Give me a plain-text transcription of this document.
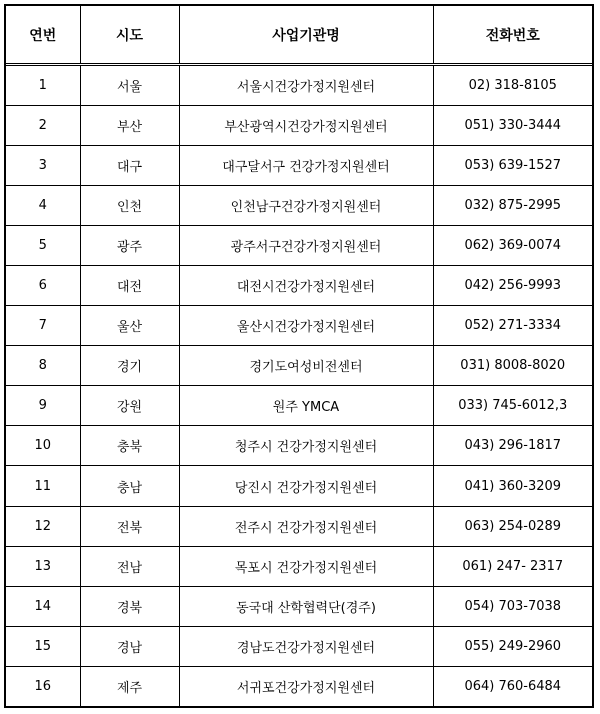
연번	시도	사업기관명	전화번호
1	서울	서울시건강가정지원센터	02) 318-8105
2	부산	부산광역시건강가정지원센터	051) 330-3444
3	대구	대구달서구 건강가정지원센터	053) 639-1527
4	인천	인천남구건강가정지원센터	032) 875-2995
5	광주	광주서구건강가정지원센터	062) 369-0074
6	대전	대전시건강가정지원센터	042) 256-9993
7	울산	울산시건강가정지원센터	052) 271-3334
8	경기	경기도여성비전센터	031) 8008-8020
9	강원	원주 YMCA	033) 745-6012,3
10	충북	청주시 건강가정지원센터	043) 296-1817
11	충남	당진시 건강가정지원센터	041) 360-3209
12	전북	전주시 건강가정지원센터	063) 254-0289
13	전남	목포시 건강가정지원센터	061) 247- 2317
14	경북	동국대 산학협력단(경주)	054) 703-7038
15	경남	경남도건강가정지원센터	055) 249-2960
16	제주	서귀포건강가정지원센터	064) 760-6484
